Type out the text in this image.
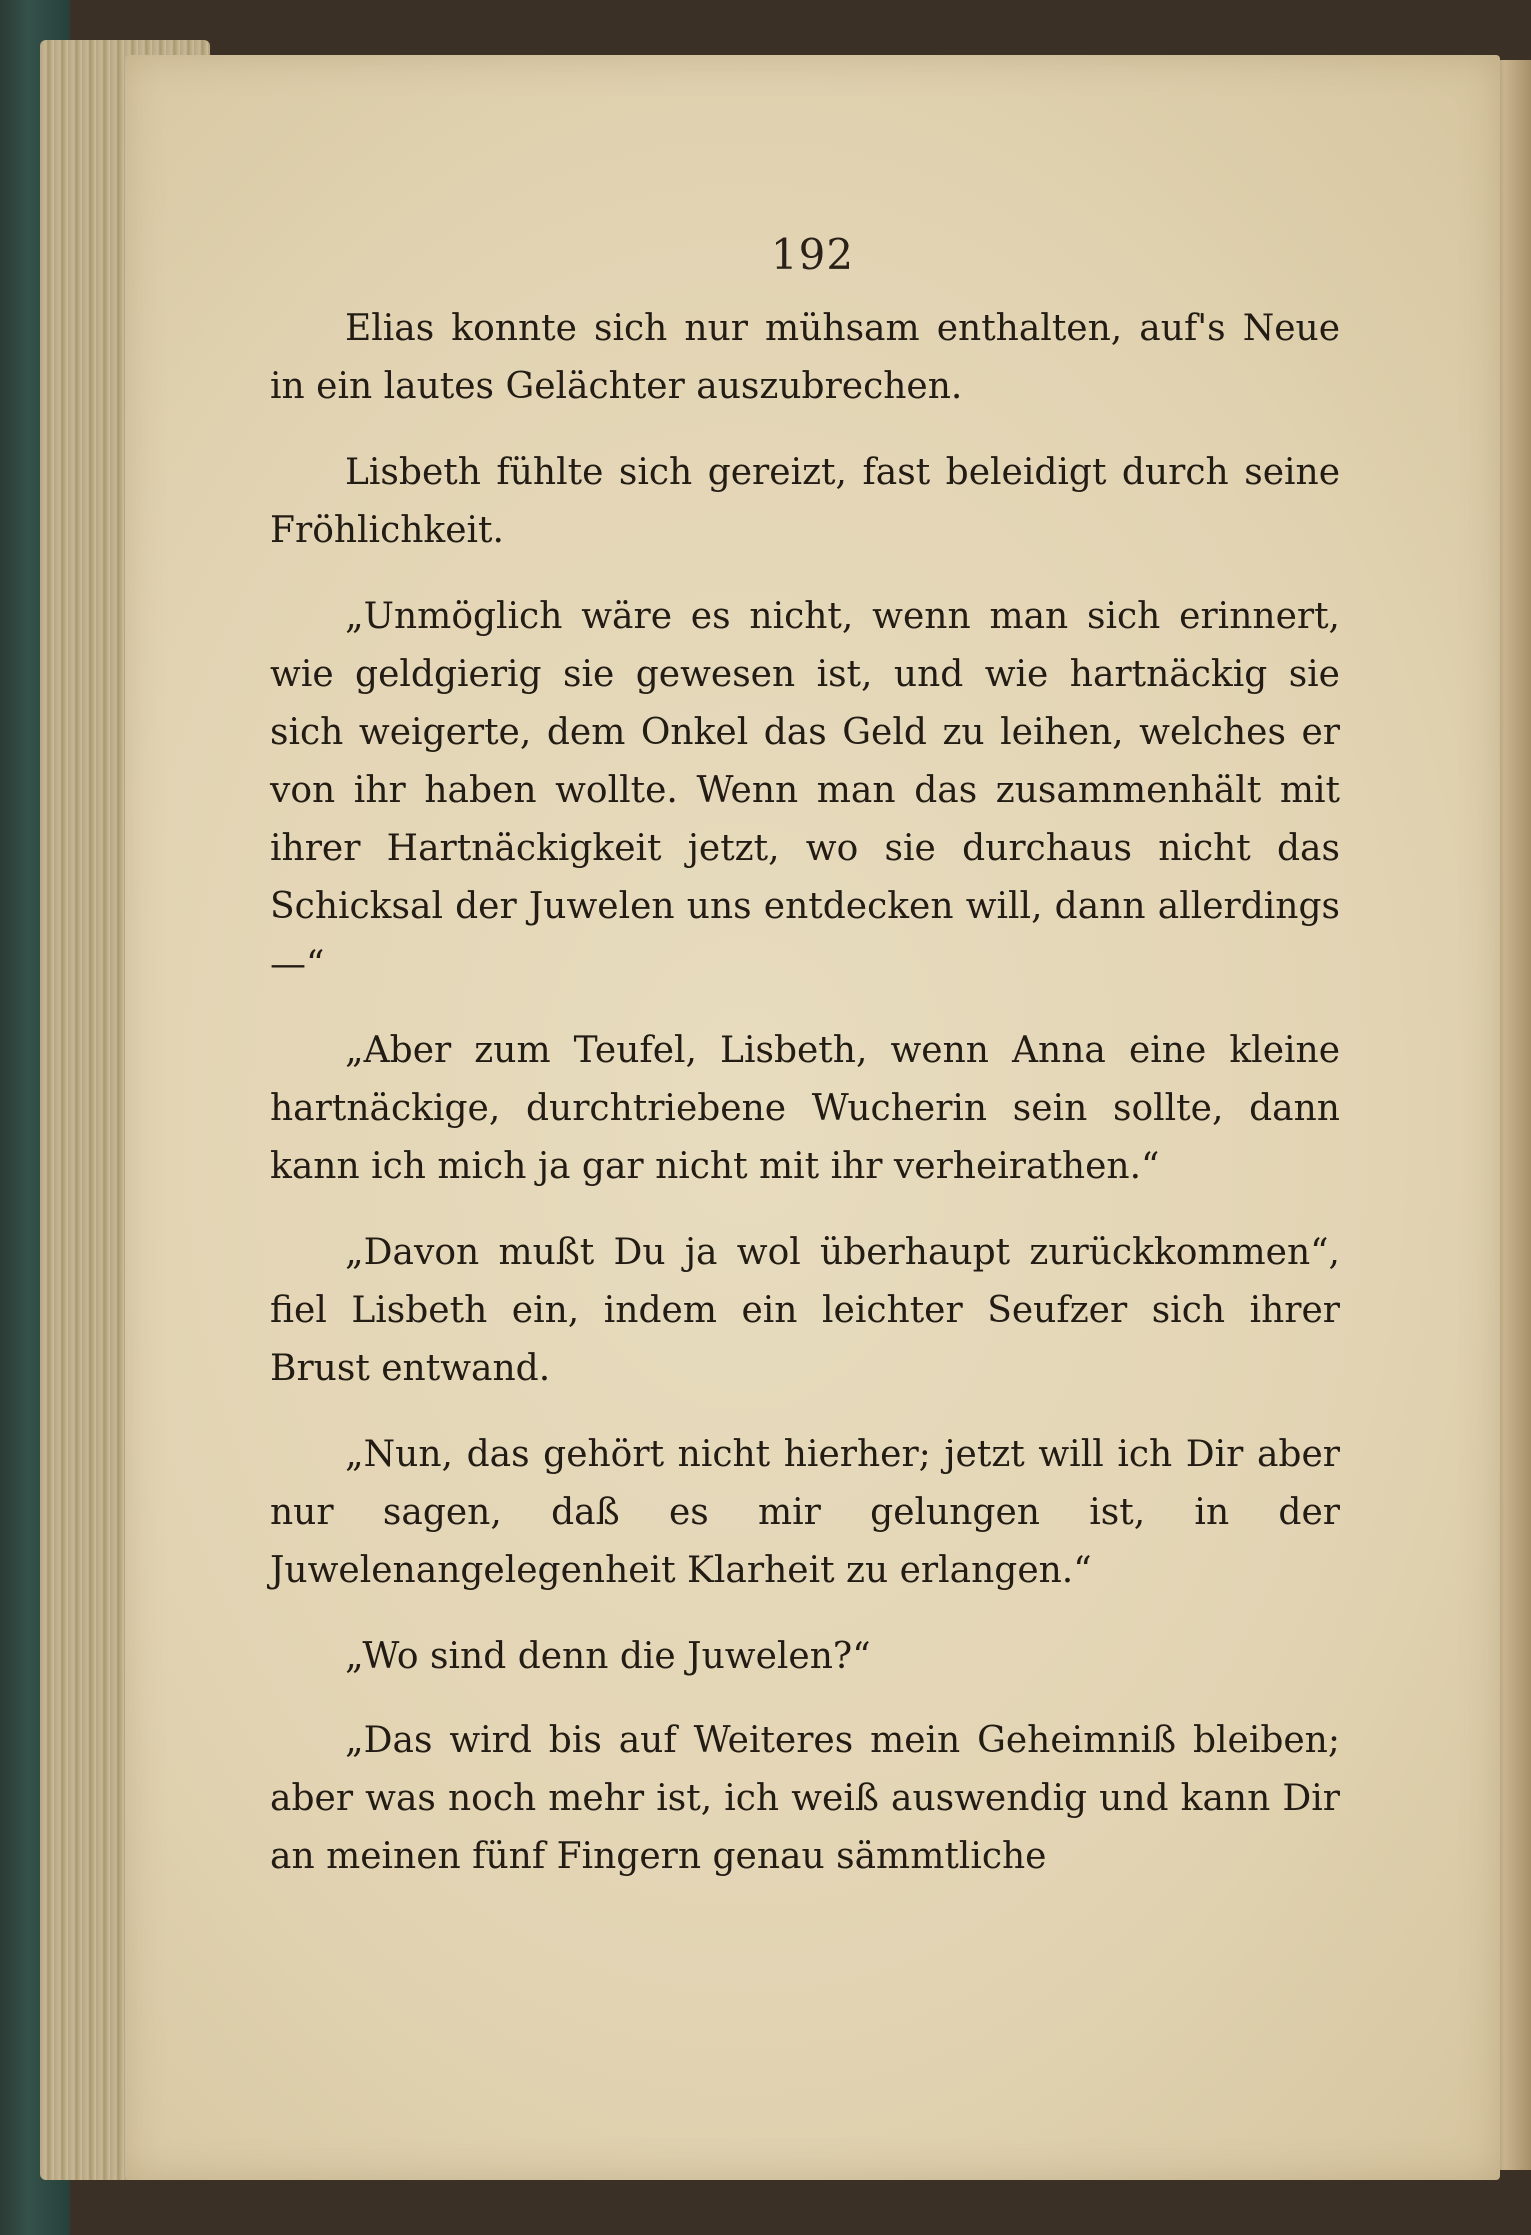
192

Elias konnte sich nur mühsam enthalten, auf's Neue in ein lautes Gelächter auszubrechen.

Lisbeth fühlte sich gereizt, fast beleidigt durch seine Fröhlichkeit.

„Unmöglich wäre es nicht, wenn man sich erinnert, wie geldgierig sie gewesen ist, und wie hartnäckig sie sich weigerte, dem Onkel das Geld zu leihen, welches er von ihr haben wollte. Wenn man das zusammenhält mit ihrer Hartnäckigkeit jetzt, wo sie durchaus nicht das Schicksal der Juwelen uns entdecken will, dann allerdings —“

„Aber zum Teufel, Lisbeth, wenn Anna eine kleine hartnäckige, durchtriebene Wucherin sein sollte, dann kann ich mich ja gar nicht mit ihr verheirathen.“

„Davon mußt Du ja wol überhaupt zurückkommen“, fiel Lisbeth ein, indem ein leichter Seufzer sich ihrer Brust entwand.

„Nun, das gehört nicht hierher; jetzt will ich Dir aber nur sagen, daß es mir gelungen ist, in der Juwelenangelegenheit Klarheit zu erlangen.“

„Wo sind denn die Juwelen?“

„Das wird bis auf Weiteres mein Geheimniß bleiben; aber was noch mehr ist, ich weiß auswendig und kann Dir an meinen fünf Fingern genau sämmtliche
